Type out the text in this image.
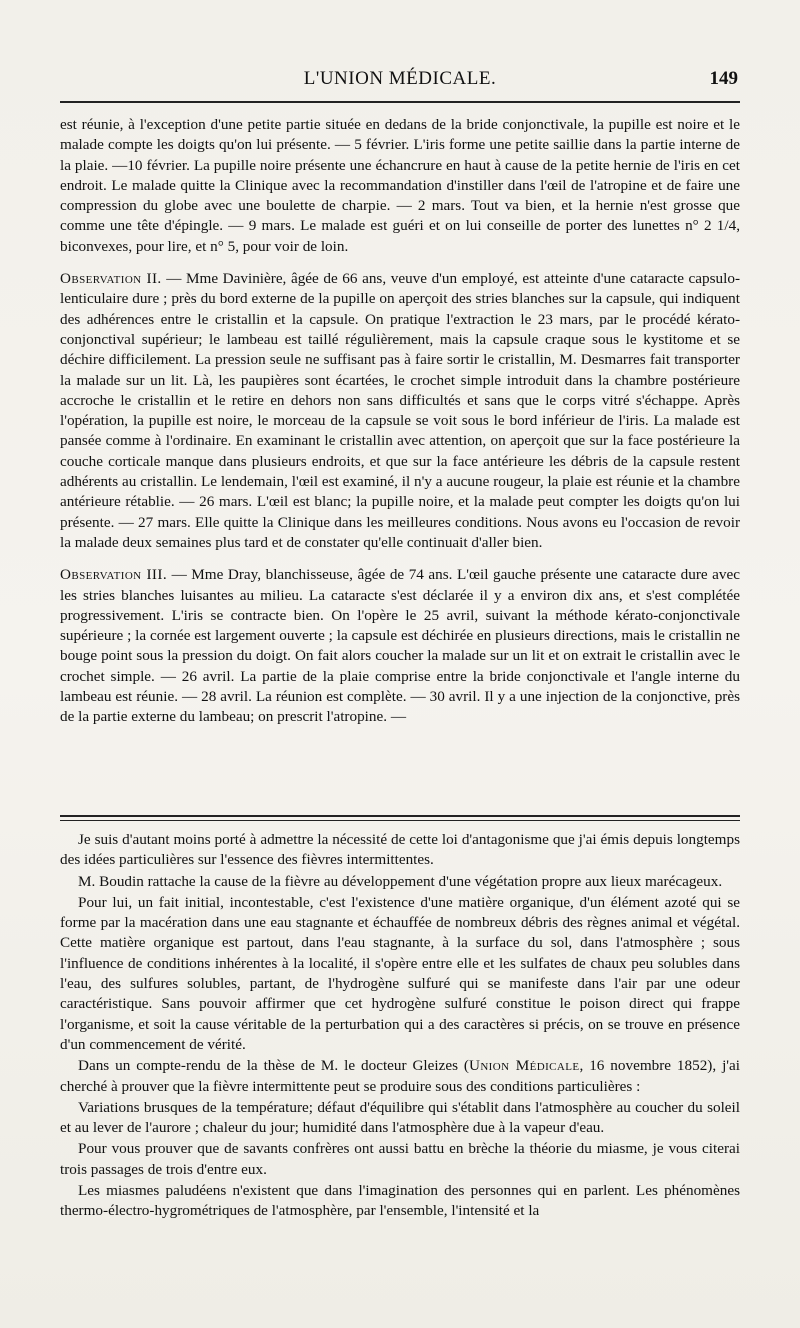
L'UNION MÉDICALE.	149

est réunie, à l'exception d'une petite partie située en dedans de la bride conjonctivale, la pupille est noire et le malade compte les doigts qu'on lui présente. — 5 février. L'iris forme une petite saillie dans la partie interne de la plaie. —10 février. La pupille noire présente une échancrure en haut à cause de la petite hernie de l'iris en cet endroit. Le malade quitte la Clinique avec la recommandation d'instiller dans l'œil de l'atropine et de faire une compression du globe avec une boulette de charpie. — 2 mars. Tout va bien, et la hernie n'est grosse que comme une tête d'épingle. — 9 mars. Le malade est guéri et on lui conseille de porter des lunettes n° 2 1/4, biconvexes, pour lire, et n° 5, pour voir de loin.

Observation II. — Mme Davinière, âgée de 66 ans, veuve d'un employé, est atteinte d'une cataracte capsulo-lenticulaire dure ; près du bord externe de la pupille on aperçoit des stries blanches sur la capsule, qui indiquent des adhérences entre le cristallin et la capsule. On pratique l'extraction le 23 mars, par le procédé kérato-conjonctival supérieur; le lambeau est taillé régulièrement, mais la capsule craque sous le kystitome et se déchire difficilement. La pression seule ne suffisant pas à faire sortir le cristallin, M. Desmarres fait transporter la malade sur un lit. Là, les paupières sont écartées, le crochet simple introduit dans la chambre postérieure accroche le cristallin et le retire en dehors non sans difficultés et sans que le corps vitré s'échappe. Après l'opération, la pupille est noire, le morceau de la capsule se voit sous le bord inférieur de l'iris. La malade est pansée comme à l'ordinaire. En examinant le cristallin avec attention, on aperçoit que sur la face postérieure la couche corticale manque dans plusieurs endroits, et que sur la face antérieure les débris de la capsule restent adhérents au cristallin. Le lendemain, l'œil est examiné, il n'y a aucune rougeur, la plaie est réunie et la chambre antérieure rétablie. — 26 mars. L'œil est blanc; la pupille noire, et la malade peut compter les doigts qu'on lui présente. — 27 mars. Elle quitte la Clinique dans les meilleures conditions. Nous avons eu l'occasion de revoir la malade deux semaines plus tard et de constater qu'elle continuait d'aller bien.

Observation III. — Mme Dray, blanchisseuse, âgée de 74 ans. L'œil gauche présente une cataracte dure avec les stries blanches luisantes au milieu. La cataracte s'est déclarée il y a environ dix ans, et s'est complétée progressivement. L'iris se contracte bien. On l'opère le 25 avril, suivant la méthode kérato-conjonctivale supérieure ; la cornée est largement ouverte ; la capsule est déchirée en plusieurs directions, mais le cristallin ne bouge point sous la pression du doigt. On fait alors coucher la malade sur un lit et on extrait le cristallin avec le crochet simple. — 26 avril. La partie de la plaie comprise entre la bride conjonctivale et l'angle interne du lambeau est réunie. — 28 avril. La réunion est complète. — 30 avril. Il y a une injection de la conjonctive, près de la partie externe du lambeau; on prescrit l'atropine. —

Je suis d'autant moins porté à admettre la nécessité de cette loi d'antagonisme que j'ai émis depuis longtemps des idées particulières sur l'essence des fièvres intermittentes.

M. Boudin rattache la cause de la fièvre au développement d'une végétation propre aux lieux marécageux.

Pour lui, un fait initial, incontestable, c'est l'existence d'une matière organique, d'un élément azoté qui se forme par la macération dans une eau stagnante et échauffée de nombreux débris des règnes animal et végétal. Cette matière organique est partout, dans l'eau stagnante, à la surface du sol, dans l'atmosphère ; sous l'influence de conditions inhérentes à la localité, il s'opère entre elle et les sulfates de chaux peu solubles dans l'eau, des sulfures solubles, partant, de l'hydrogène sulfuré qui se manifeste dans l'air par une odeur caractéristique. Sans pouvoir affirmer que cet hydrogène sulfuré constitue le poison direct qui frappe l'organisme, et soit la cause véritable de la perturbation qui a des caractères si précis, on se trouve en présence d'un commencement de vérité.

Dans un compte-rendu de la thèse de M. le docteur Gleizes (Union Médicale, 16 novembre 1852), j'ai cherché à prouver que la fièvre intermittente peut se produire sous des conditions particulières :

Variations brusques de la température; défaut d'équilibre qui s'établit dans l'atmosphère au coucher du soleil et au lever de l'aurore ; chaleur du jour; humidité dans l'atmosphère due à la vapeur d'eau.

Pour vous prouver que de savants confrères ont aussi battu en brèche la théorie du miasme, je vous citerai trois passages de trois d'entre eux.

Les miasmes paludéens n'existent que dans l'imagination des personnes qui en parlent. Les phénomènes thermo-électro-hygrométriques de l'atmosphère, par l'ensemble, l'intensité et la
